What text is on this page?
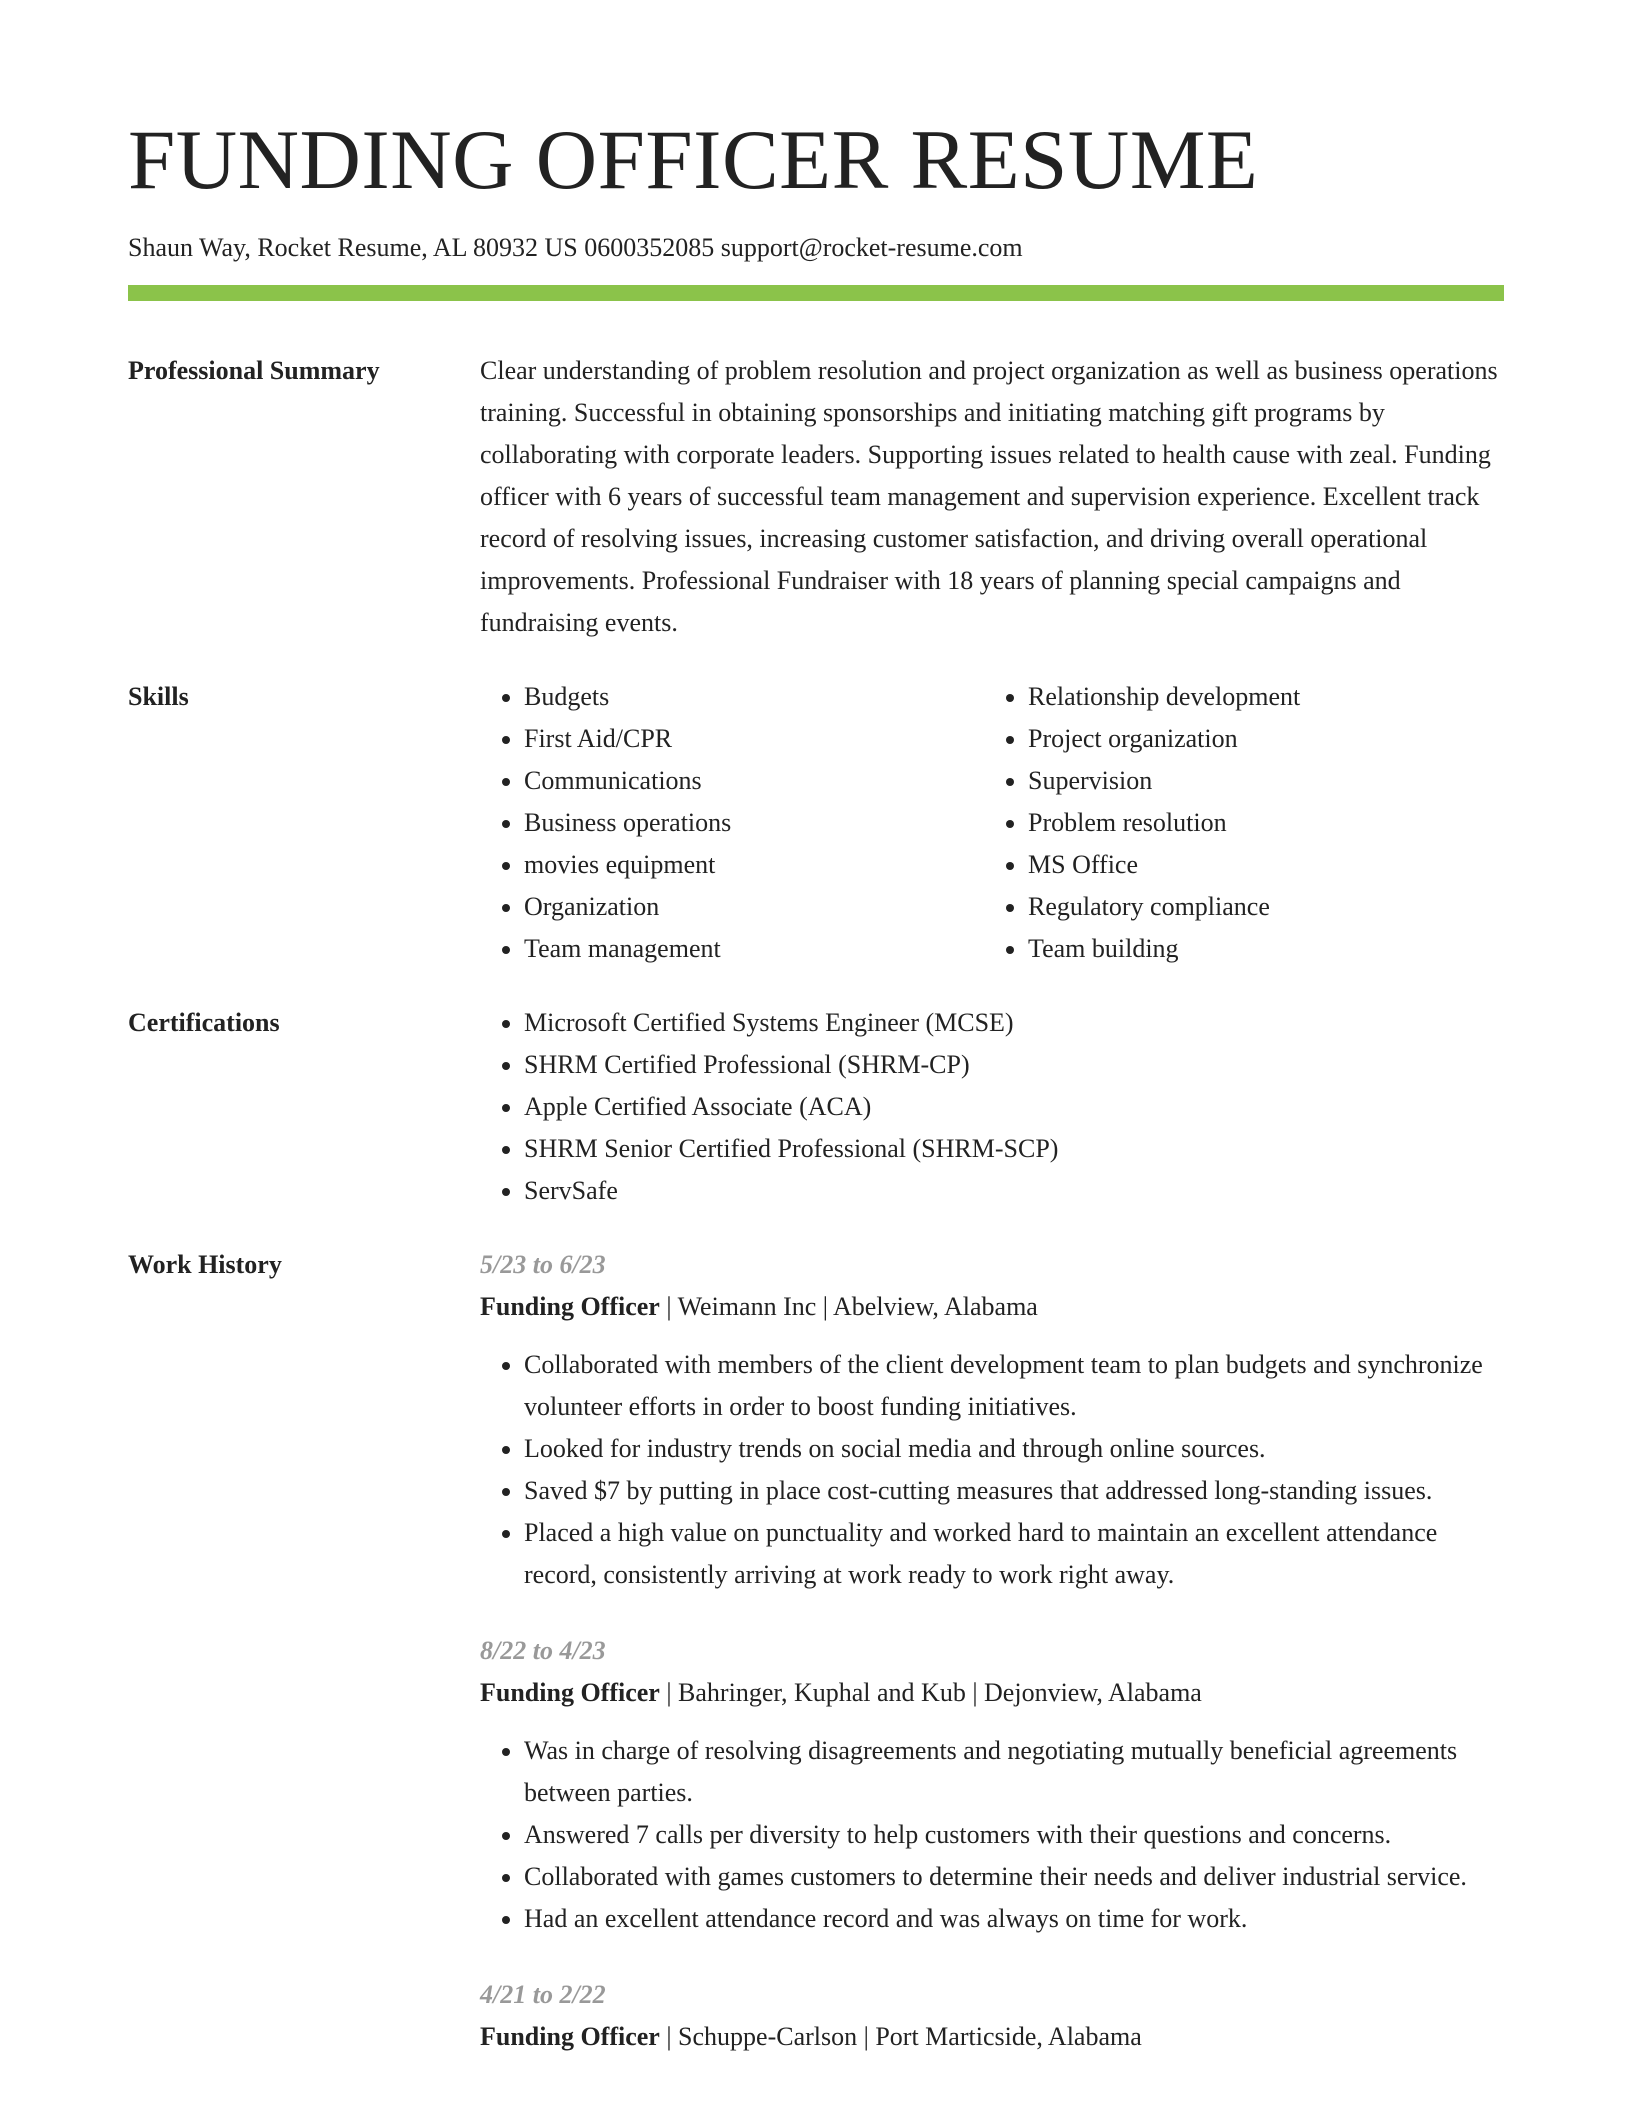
FUNDING OFFICER RESUME
Shaun Way, Rocket Resume, AL 80932 US 0600352085 support@rocket-resume.com
Professional Summary	Clear understanding of problem resolution and project organization as well as business operations training. Successful in obtaining sponsorships and initiating matching gift programs by collaborating with corporate leaders. Supporting issues related to health cause with zeal. Funding officer with 6 years of successful team management and supervision experience. Excellent track record of resolving issues, increasing customer satisfaction, and driving overall operational improvements. Professional Fundraiser with 18 years of planning special campaigns and fundraising events.

Skills	• Budgets
• First Aid/CPR
• Communications
• Business operations
• movies equipment
• Organization
• Team management
• Relationship development
• Project organization
• Supervision
• Problem resolution
• MS Office
• Regulatory compliance
• Team building
Certifications	• Microsoft Certified Systems Engineer (MCSE)
• SHRM Certified Professional (SHRM-CP)
• Apple Certified Associate (ACA)
• SHRM Senior Certified Professional (SHRM-SCP)
• ServSafe
Work History	5/23 to 6/23
Funding Officer | Weimann Inc | Abelview, Alabama
• Collaborated with members of the client development team to plan budgets and synchronize volunteer efforts in order to boost funding initiatives.
• Looked for industry trends on social media and through online sources.
• Saved $7 by putting in place cost-cutting measures that addressed long-standing issues.
• Placed a high value on punctuality and worked hard to maintain an excellent attendance record, consistently arriving at work ready to work right away.
8/22 to 4/23
Funding Officer | Bahringer, Kuphal and Kub | Dejonview, Alabama
• Was in charge of resolving disagreements and negotiating mutually beneficial agreements between parties.
• Answered 7 calls per diversity to help customers with their questions and concerns.
• Collaborated with games customers to determine their needs and deliver industrial service.
• Had an excellent attendance record and was always on time for work.
4/21 to 2/22
Funding Officer | Schuppe-Carlson | Port Marticside, Alabama
